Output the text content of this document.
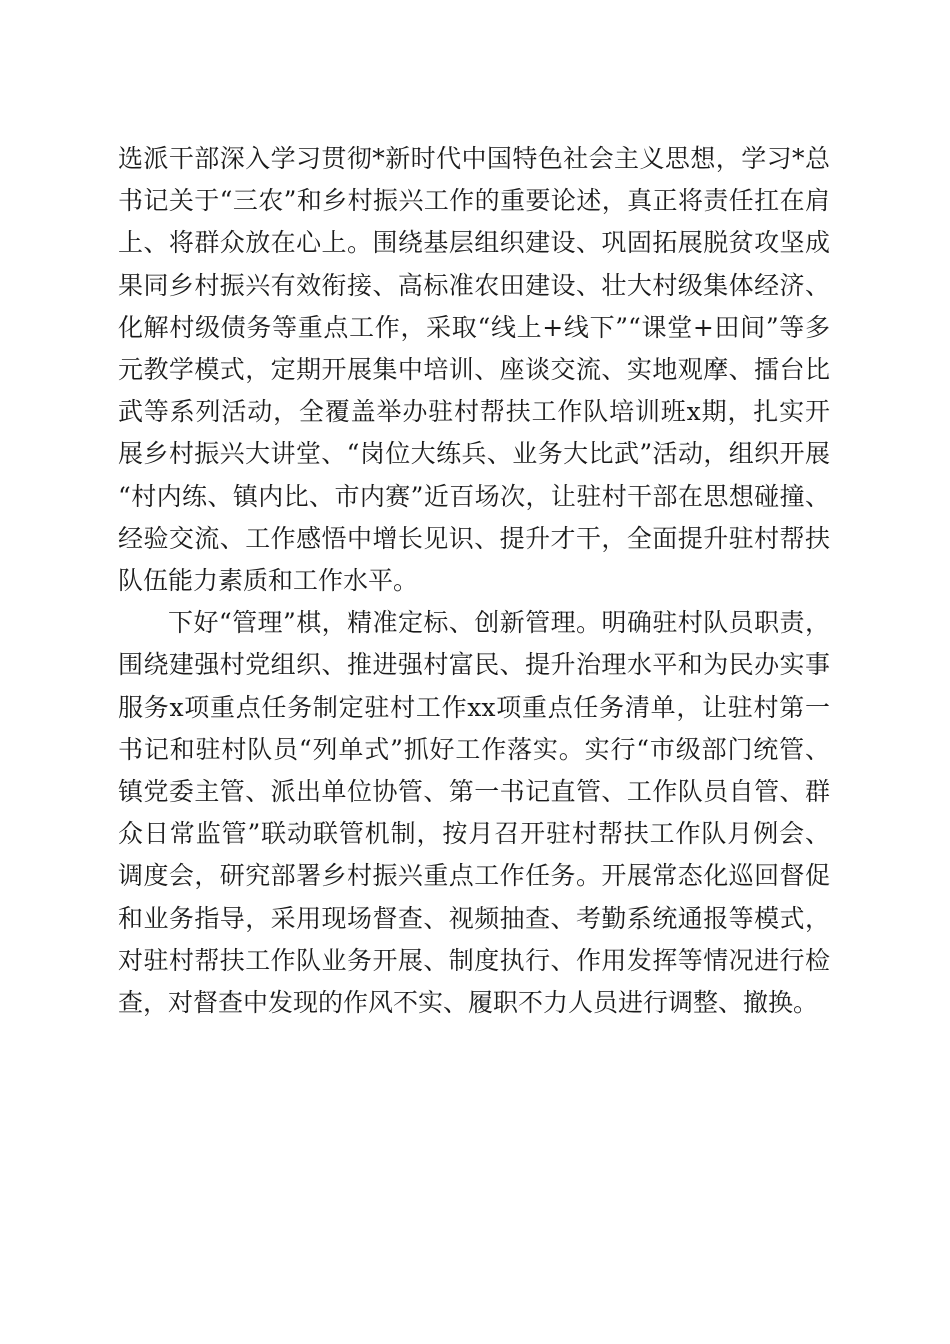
选派干部深入学习贯彻*新时代中国特色社会主义思想，学习*总书记关于“三农”和乡村振兴工作的重要论述，真正将责任扛在肩上、将群众放在心上。围绕基层组织建设、巩固拓展脱贫攻坚成果同乡村振兴有效衔接、高标准农田建设、壮大村级集体经济、化解村级债务等重点工作，采取“线上+线下”“课堂+田间”等多元教学模式，定期开展集中培训、座谈交流、实地观摩、擂台比武等系列活动，全覆盖举办驻村帮扶工作队培训班x期，扎实开展乡村振兴大讲堂、“岗位大练兵、业务大比武”活动，组织开展“村内练、镇内比、市内赛”近百场次，让驻村干部在思想碰撞、经验交流、工作感悟中增长见识、提升才干，全面提升驻村帮扶队伍能力素质和工作水平。

下好“管理”棋，精准定标、创新管理。明确驻村队员职责，围绕建强村党组织、推进强村富民、提升治理水平和为民办实事服务x项重点任务制定驻村工作xx项重点任务清单，让驻村第一书记和驻村队员“列单式”抓好工作落实。实行“市级部门统管、镇党委主管、派出单位协管、第一书记直管、工作队员自管、群众日常监管”联动联管机制，按月召开驻村帮扶工作队月例会、调度会，研究部署乡村振兴重点工作任务。开展常态化巡回督促和业务指导，采用现场督查、视频抽查、考勤系统通报等模式，对驻村帮扶工作队业务开展、制度执行、作用发挥等情况进行检查，对督查中发现的作风不实、履职不力人员进行调整、撤换。
